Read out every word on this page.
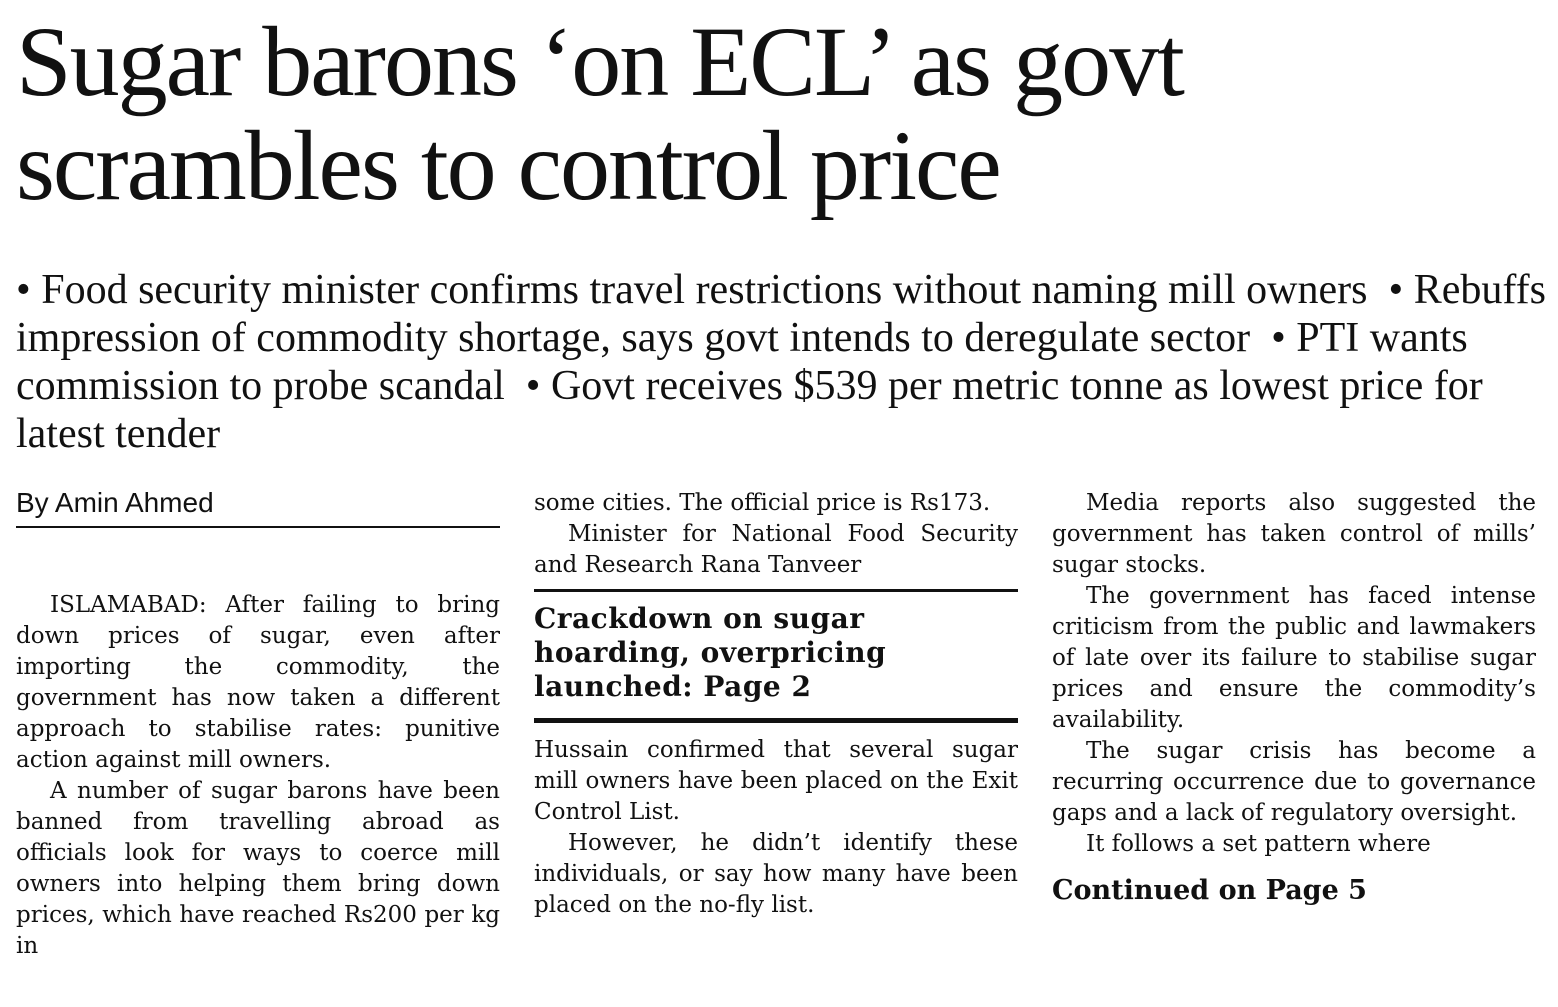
Sugar barons ‘on ECL’ as govt scrambles to control price

• Food security minister confirms travel restrictions without naming mill owners • Rebuffs impression of commodity shortage, says govt intends to deregulate sector • PTI wants commission to probe scandal • Govt receives $539 per metric tonne as lowest price for latest tender

By Amin Ahmed

ISLAMABAD: After failing to bring down prices of sugar, even after importing the commodity, the government has now taken a different approach to stabilise rates: punitive action against mill owners.

A number of sugar barons have been banned from travelling abroad as officials look for ways to coerce mill owners into helping them bring down prices, which have reached Rs200 per kg in

some cities. The official price is Rs173.

Minister for National Food Security and Research Rana Tanveer

Crackdown on sugar hoarding, overpricing launched: Page 2

Hussain confirmed that several sugar mill owners have been placed on the Exit Control List.

However, he didn’t identify these individuals, or say how many have been placed on the no-fly list.

Media reports also suggested the government has taken control of mills’ sugar stocks.

The government has faced intense criticism from the public and lawmakers of late over its failure to stabilise sugar prices and ensure the commodity’s availability.

The sugar crisis has become a recurring occurrence due to governance gaps and a lack of regulatory oversight.

It follows a set pattern where

Continued on Page 5
